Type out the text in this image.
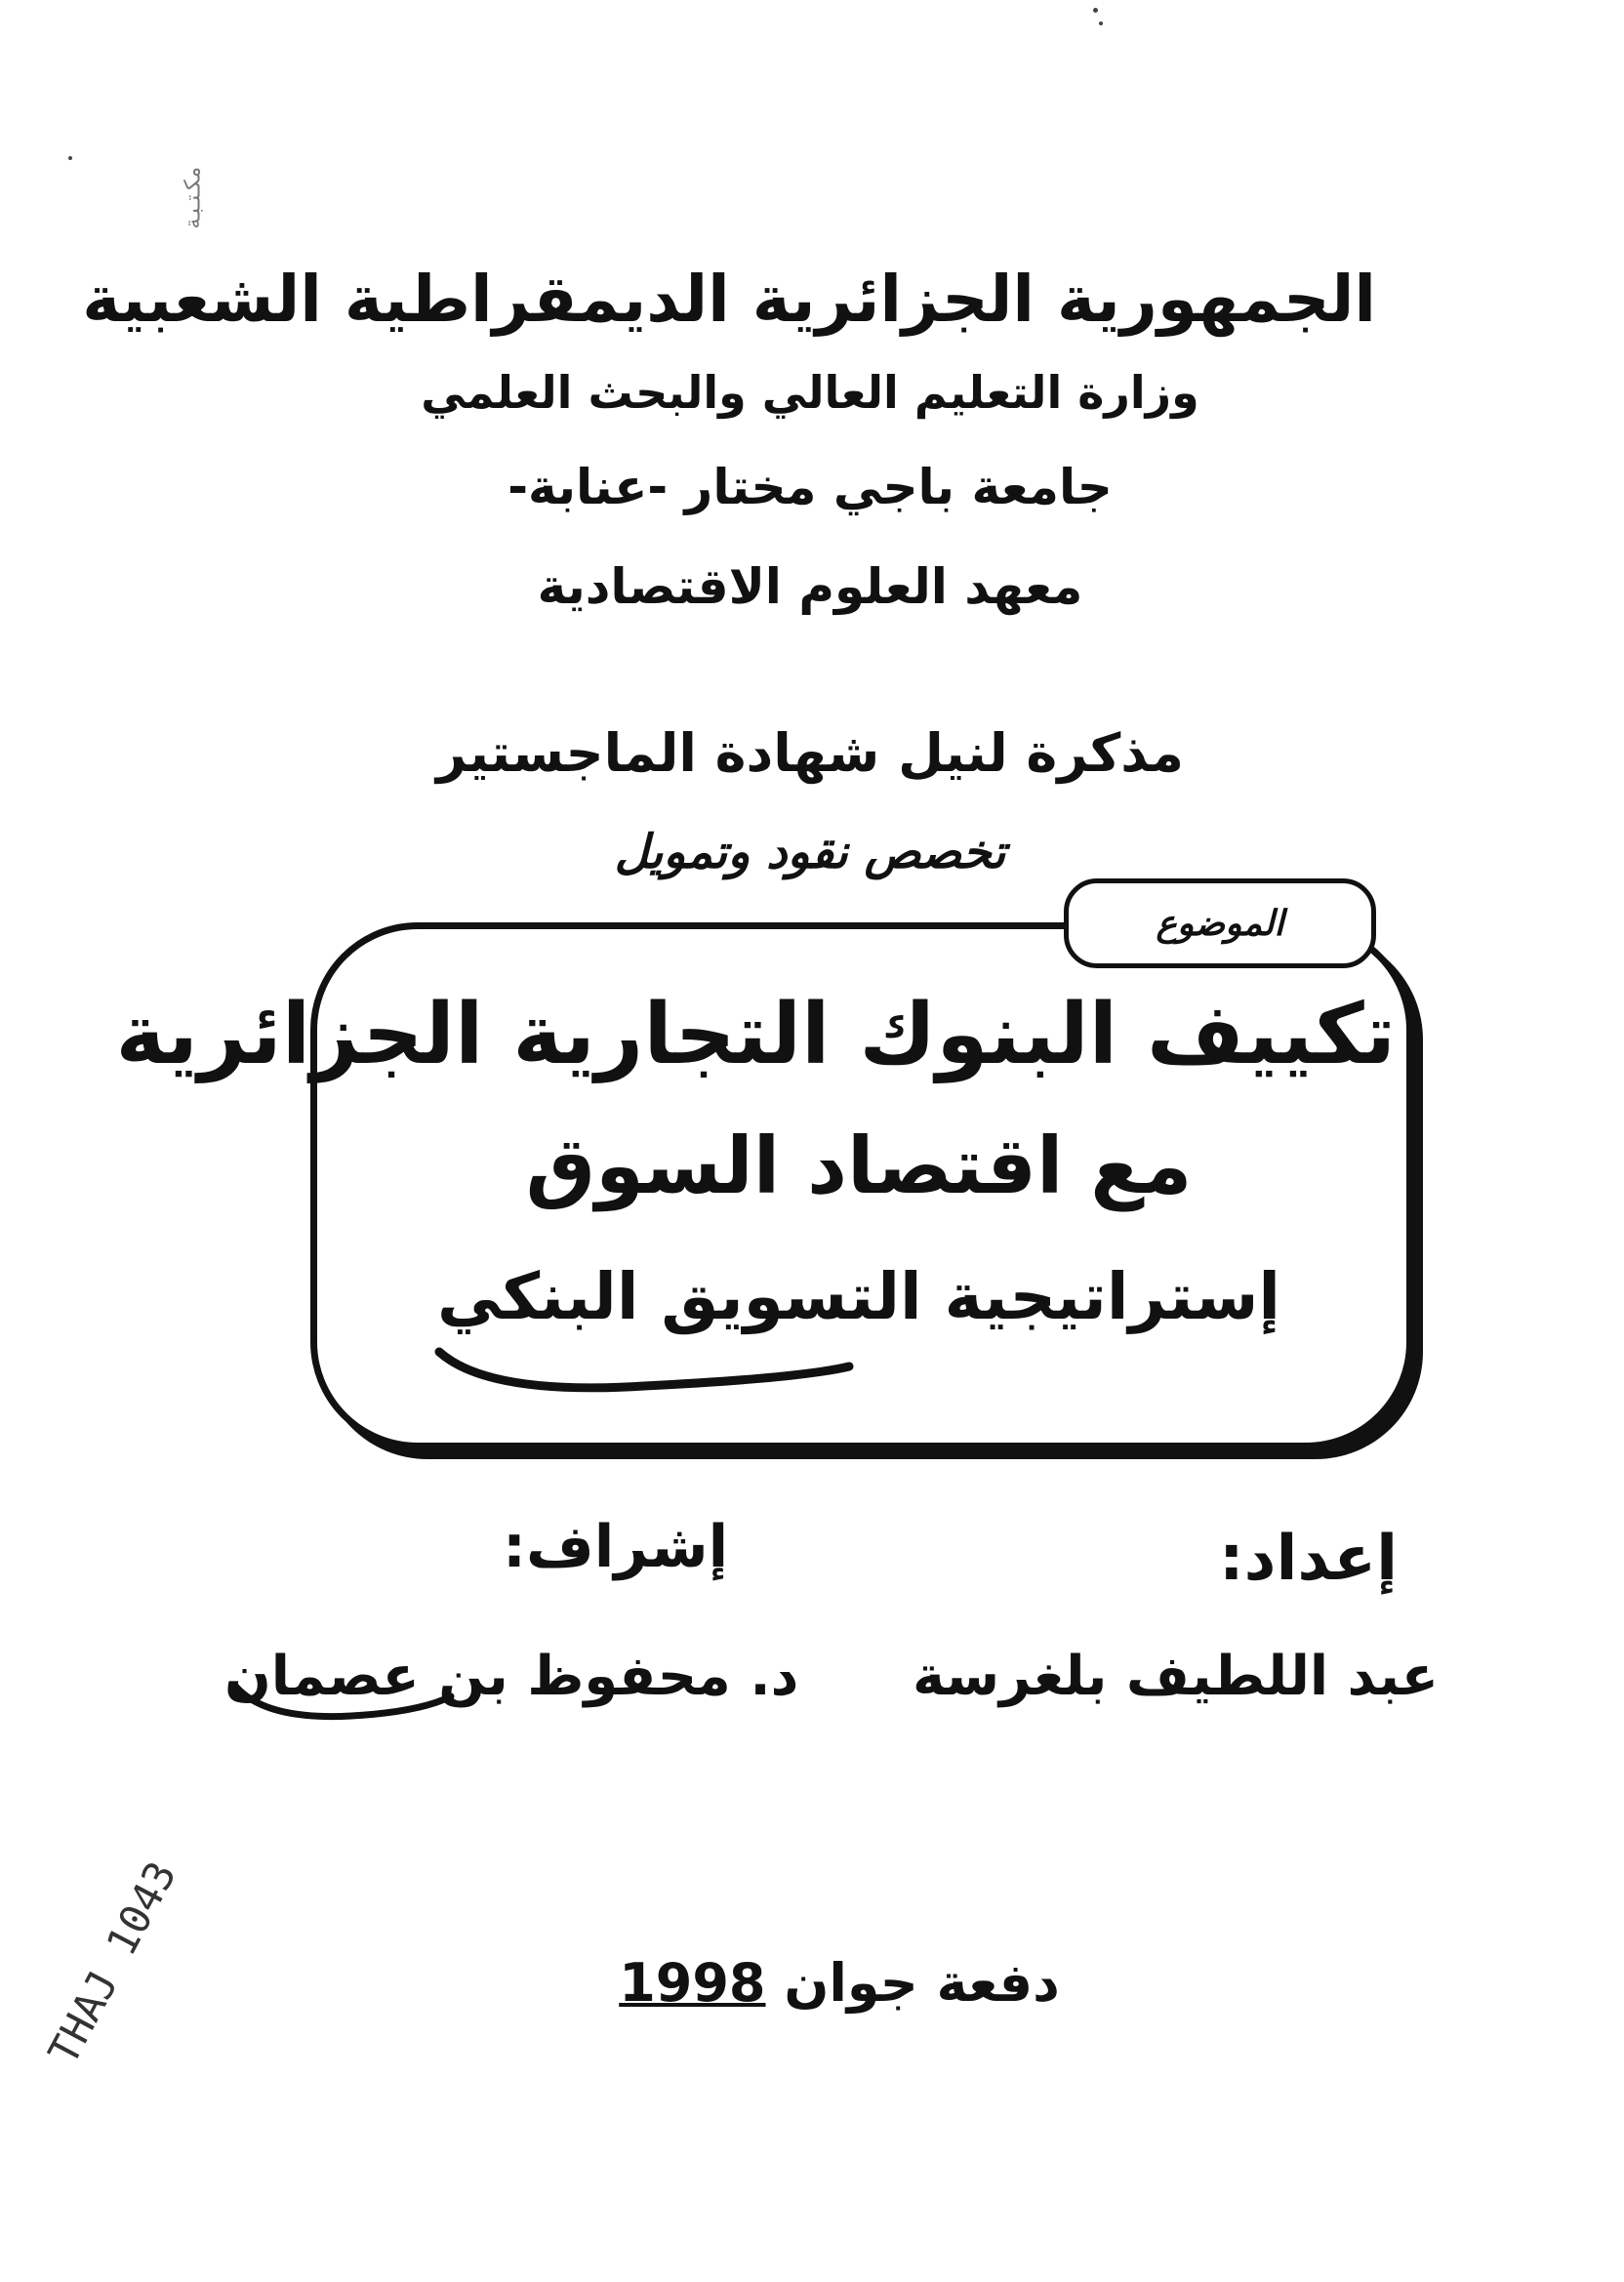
مكتبة
الجمهورية الجزائرية الديمقراطية الشعبية
وزارة التعليم العالي والبحث العلمي
جامعة باجي مختار -عنابة-
معهد العلوم الاقتصادية
مذكرة لنيل شهادة الماجستير
تخصص نقود وتمويل
الموضوع
تكييف البنوك التجارية الجزائرية
مع اقتصاد السوق
إستراتيجية التسويق البنكي
إعداد:
عبد اللطيف بلغرسة
إشراف:
د. محفوظ بن عصمان
دفعة جوان 1998
THAJ 1043
